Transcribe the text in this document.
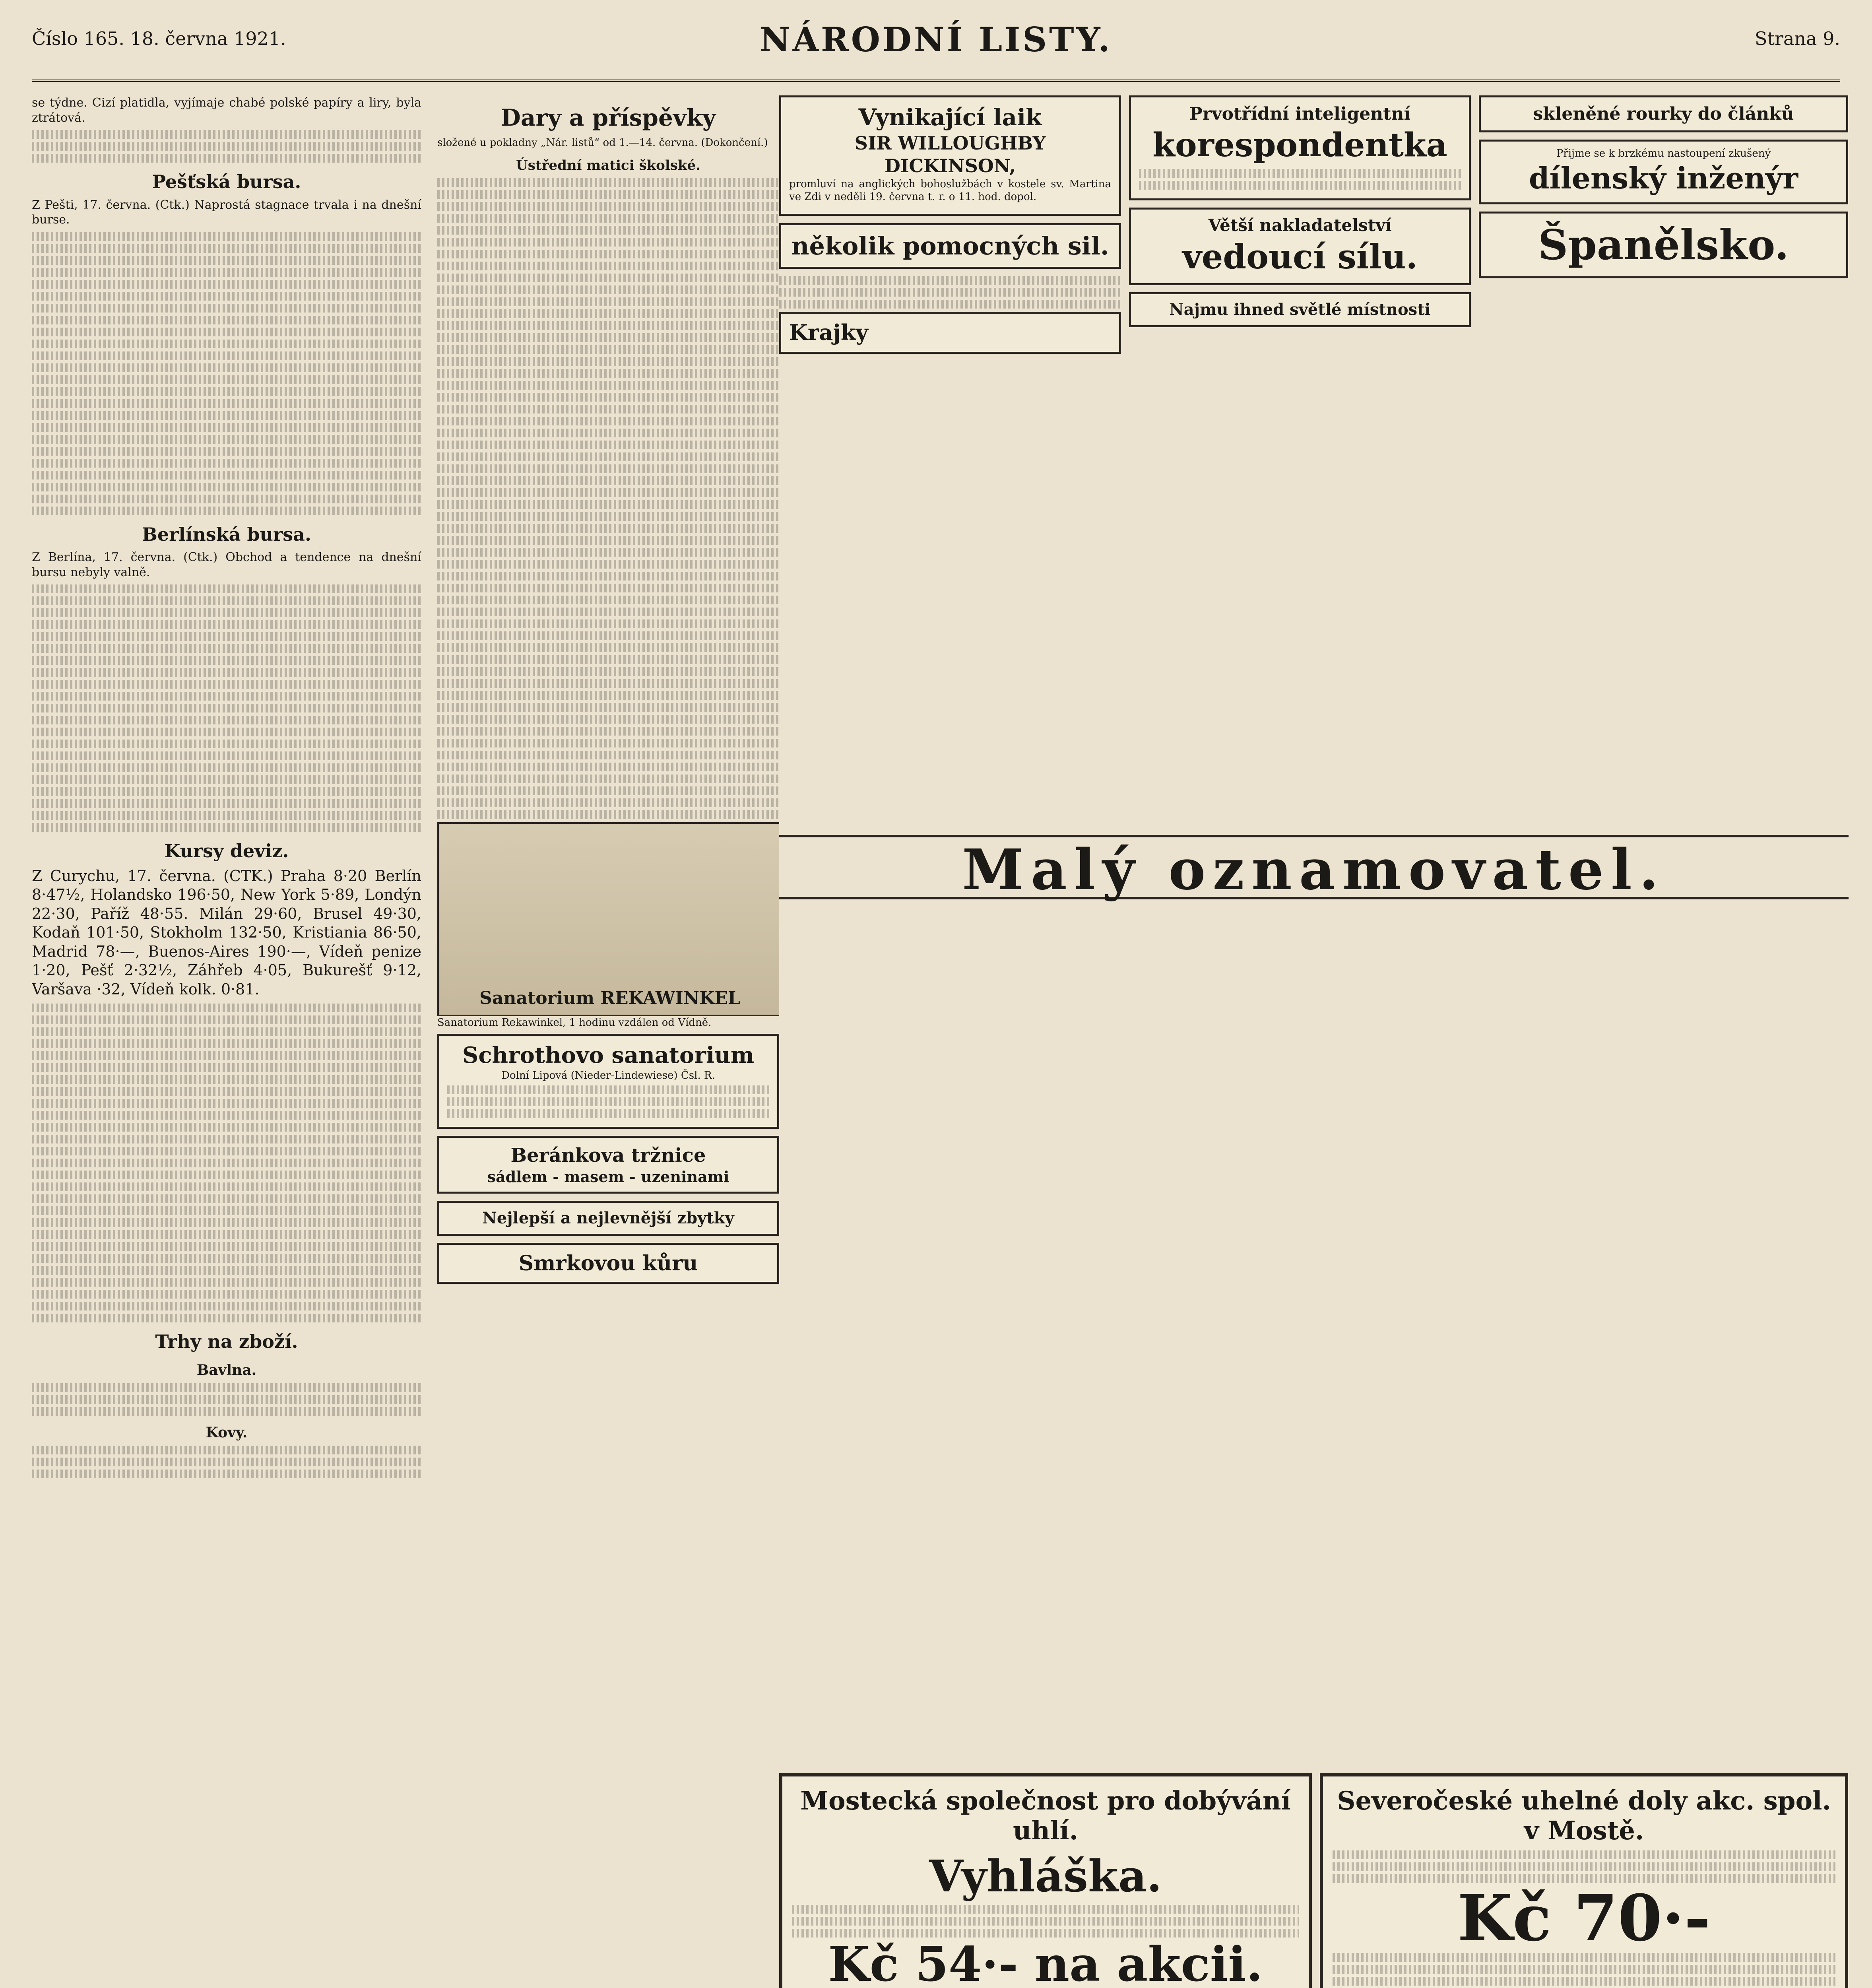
Číslo 165. 18. června 1921.	NÁRODNÍ LISTY.	Strana 9.

se týdne. Cizí platidla, vyjímaje chabé polské papíry a liry, byla ztrátová.

Pešťská bursa.

Z Pešti, 17. června. (Ctk.) Naprostá stagnace trvala i na dnešní burse.

Berlínská bursa.

Z Berlína, 17. června. (Ctk.) Obchod a tendence na dnešní bursu nebyly valně.

Kursy deviz.

Z Curychu, 17. června. (CTK.) Praha 8·20 Berlín 8·47½, Holandsko 196·50, New York 5·89, Londýn 22·30, Paříž 48·55. Milán 29·60, Brusel 49·30, Kodaň 101·50, Stokholm 132·50, Kristiania 86·50, Madrid 78·—, Buenos-Aires 190·—, Vídeň penize 1·20, Pešť 2·32½, Záhřeb 4·05, Bukurešť 9·12, Varšava ·32, Vídeň kolk. 0·81.

Trhy na zboží.
Bavlna.
Kovy.
Dary a příspěvky

složené u pokladny „Nár. listů“ od 1.—14. června. (Dokončení.)

Ústřední matici školské.
Sanatorium REKAWINKEL

Sanatorium Rekawinkel, 1 hodinu vzdálen od Vídně.

Schrothovo sanatorium
Dolní Lipová (Nieder-Lindewiese) Čsl. R.
Beránkova tržnice
sádlem - masem - uzeninami
Nejlepší a nejlevnější zbytky
Smrkovou kůru
Vynikající laik
SIR WILLOUGHBY DICKINSON,

promluví na anglických bohoslužbách v kostele sv. Martina ve Zdi v neděli 19. června t. r. o 11. hod. dopol.

několik pomocných sil.
Krajky
Prvotřídní inteligentní
korespondentka
Větší nakladatelství
vedoucí sílu.
Najmu ihned světlé místnosti
skleněné rourky do článků
Přijme se k brzkému nastoupení zkušený
dílenský inženýr
Španělsko.
Malý oznamovatel.
Mostecká společnost pro dobývání uhlí.
Vyhláška.
Kč 54·- na akcii.
Severočeské uhelné doly akc. spol. v Mostě.
Kč 70·-
